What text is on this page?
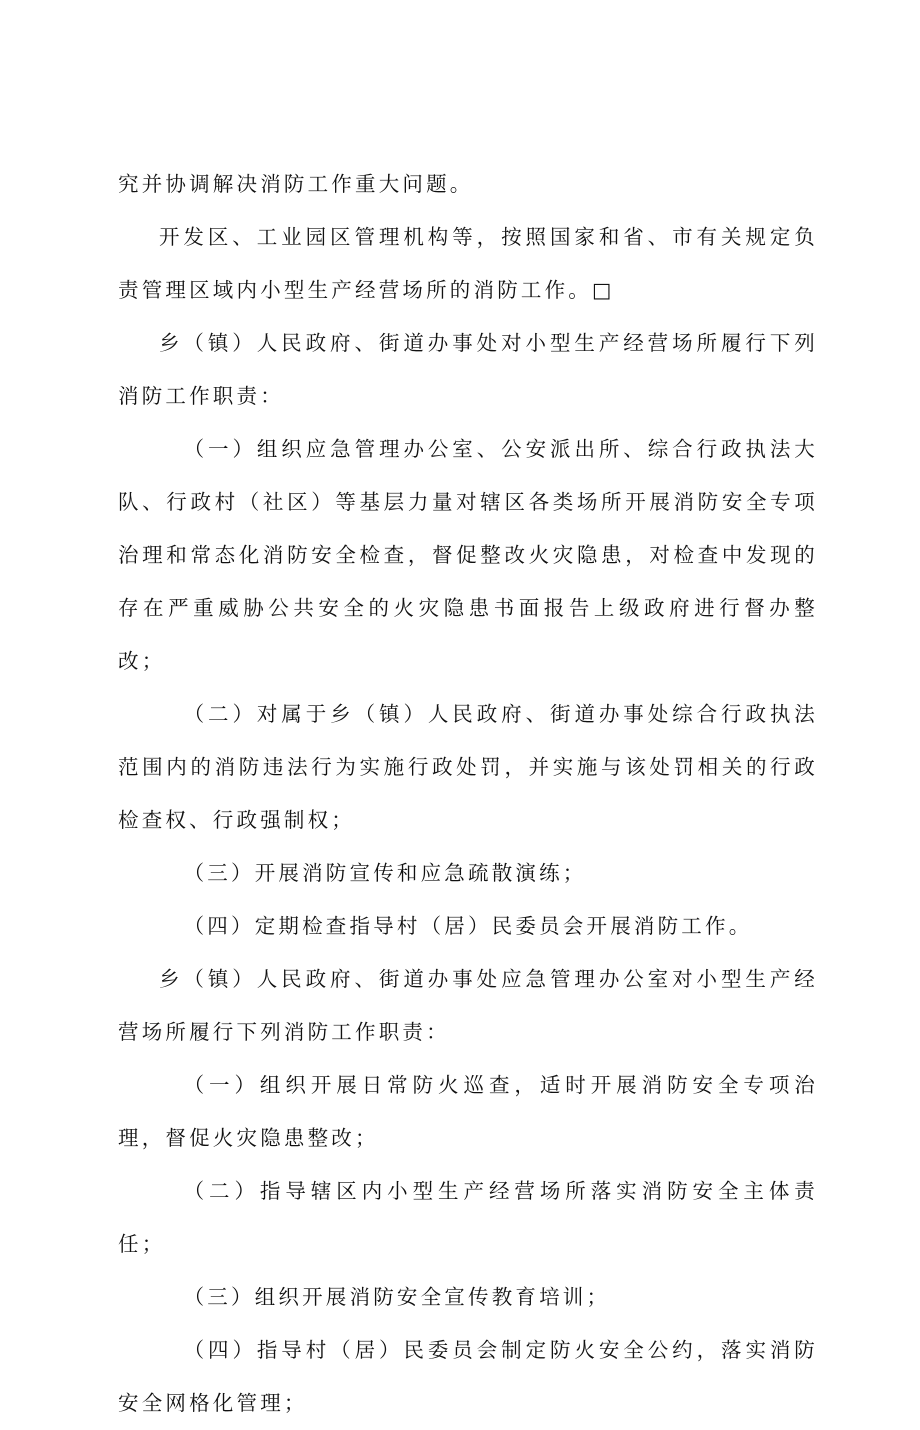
究并协调解决消防工作重大问题。

开发区、工业园区管理机构等，按照国家和省、市有关规定负责管理区域内小型生产经营场所的消防工作。□

乡（镇）人民政府、街道办事处对小型生产经营场所履行下列消防工作职责：

（一）组织应急管理办公室、公安派出所、综合行政执法大队、行政村（社区）等基层力量对辖区各类场所开展消防安全专项治理和常态化消防安全检查，督促整改火灾隐患，对检查中发现的存在严重威胁公共安全的火灾隐患书面报告上级政府进行督办整改；

（二）对属于乡（镇）人民政府、街道办事处综合行政执法范围内的消防违法行为实施行政处罚，并实施与该处罚相关的行政检查权、行政强制权；

（三）开展消防宣传和应急疏散演练；

（四）定期检查指导村（居）民委员会开展消防工作。

乡（镇）人民政府、街道办事处应急管理办公室对小型生产经营场所履行下列消防工作职责：

（一）组织开展日常防火巡查，适时开展消防安全专项治理，督促火灾隐患整改；

（二）指导辖区内小型生产经营场所落实消防安全主体责任；

（三）组织开展消防安全宣传教育培训；

（四）指导村（居）民委员会制定防火安全公约，落实消防安全网格化管理；
